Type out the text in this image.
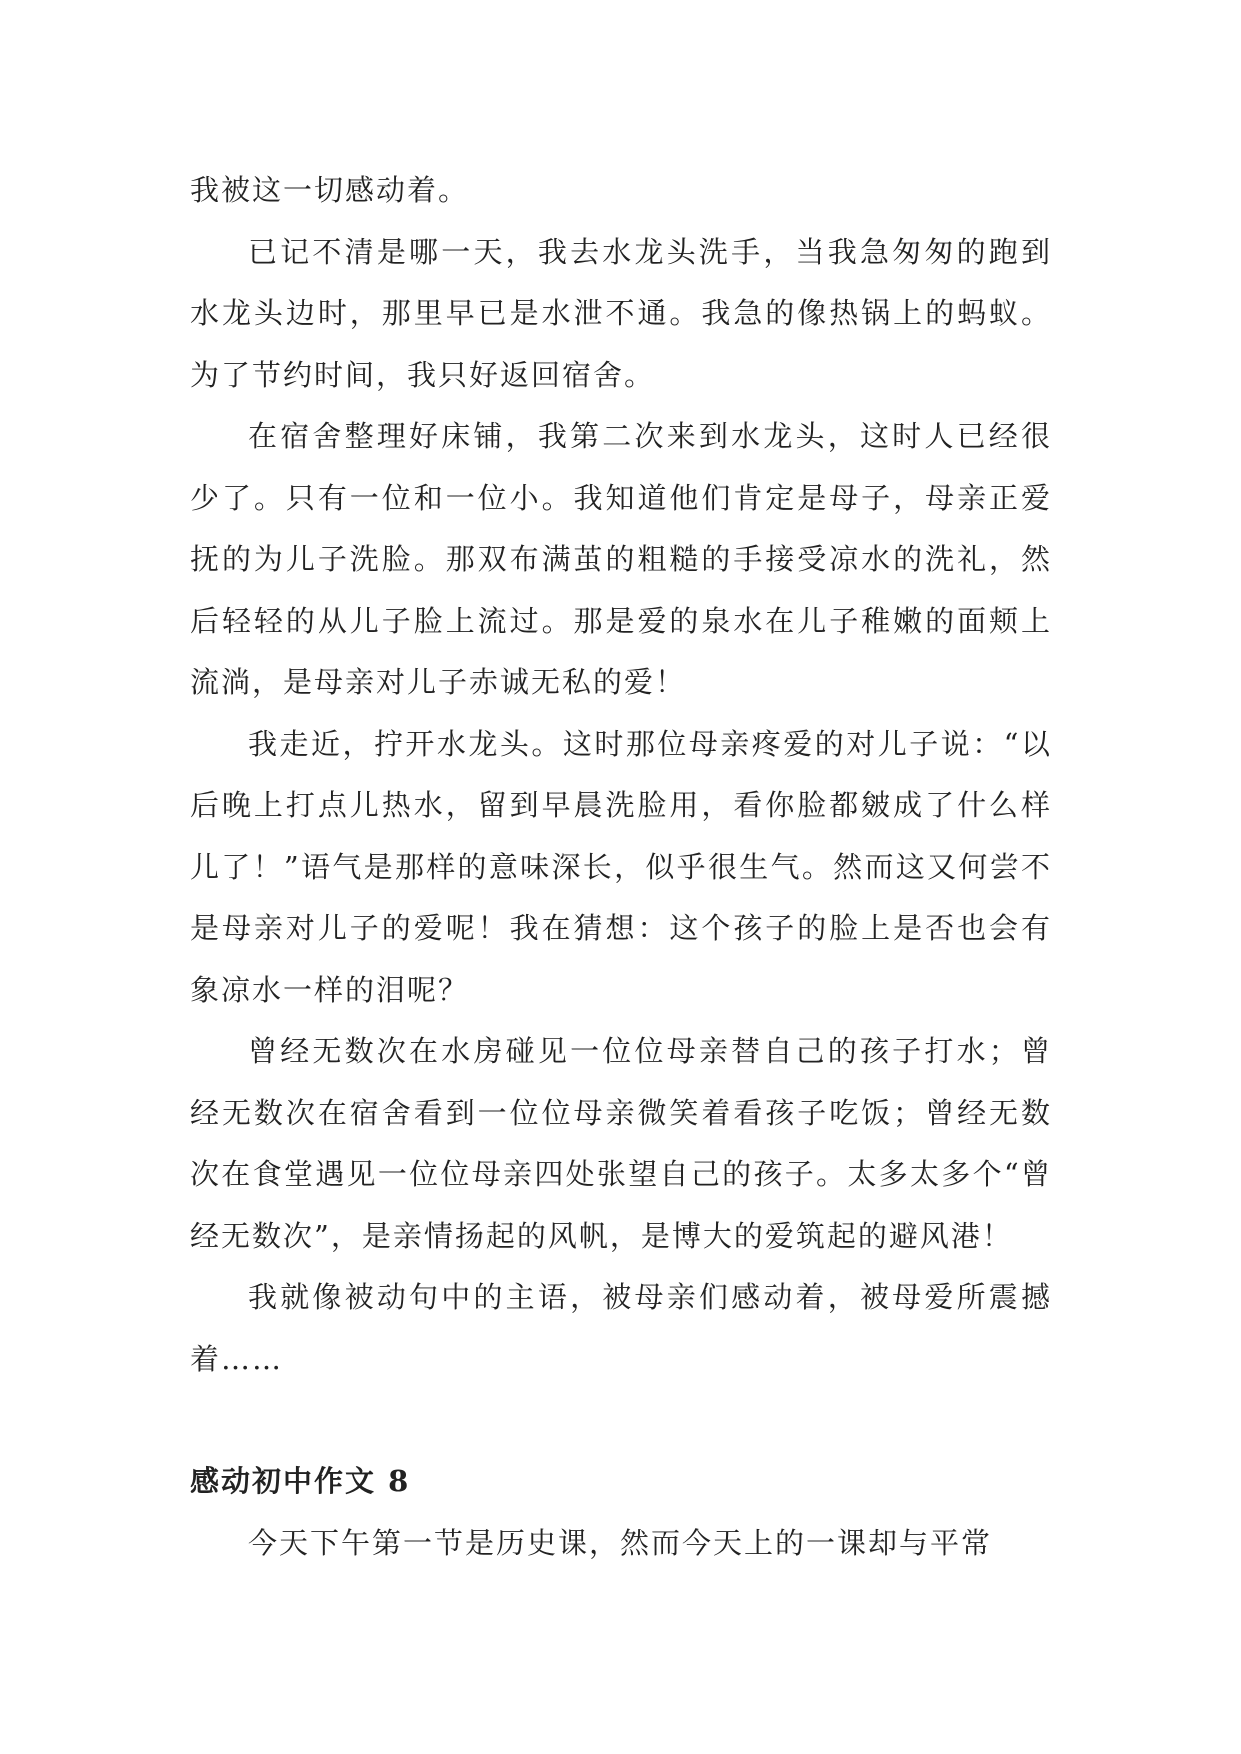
我被这一切感动着。

已记不清是哪一天，我去水龙头洗手，当我急匆匆的跑到水龙头边时，那里早已是水泄不通。我急的像热锅上的蚂蚁。为了节约时间，我只好返回宿舍。

在宿舍整理好床铺，我第二次来到水龙头，这时人已经很少了。只有一位和一位小。我知道他们肯定是母子，母亲正爱抚的为儿子洗脸。那双布满茧的粗糙的手接受凉水的洗礼，然后轻轻的从儿子脸上流过。那是爱的泉水在儿子稚嫩的面颊上流淌，是母亲对儿子赤诚无私的爱！

我走近，拧开水龙头。这时那位母亲疼爱的对儿子说：“以后晚上打点儿热水，留到早晨洗脸用，看你脸都皴成了什么样儿了！”语气是那样的意味深长，似乎很生气。然而这又何尝不是母亲对儿子的爱呢！我在猜想：这个孩子的脸上是否也会有象凉水一样的泪呢？

曾经无数次在水房碰见一位位母亲替自己的孩子打水；曾经无数次在宿舍看到一位位母亲微笑着看孩子吃饭；曾经无数次在食堂遇见一位位母亲四处张望自己的孩子。太多太多个“曾经无数次”，是亲情扬起的风帆，是博大的爱筑起的避风港！

我就像被动句中的主语，被母亲们感动着，被母爱所震撼着……

感动初中作文 8

今天下午第一节是历史课，然而今天上的一课却与平常
